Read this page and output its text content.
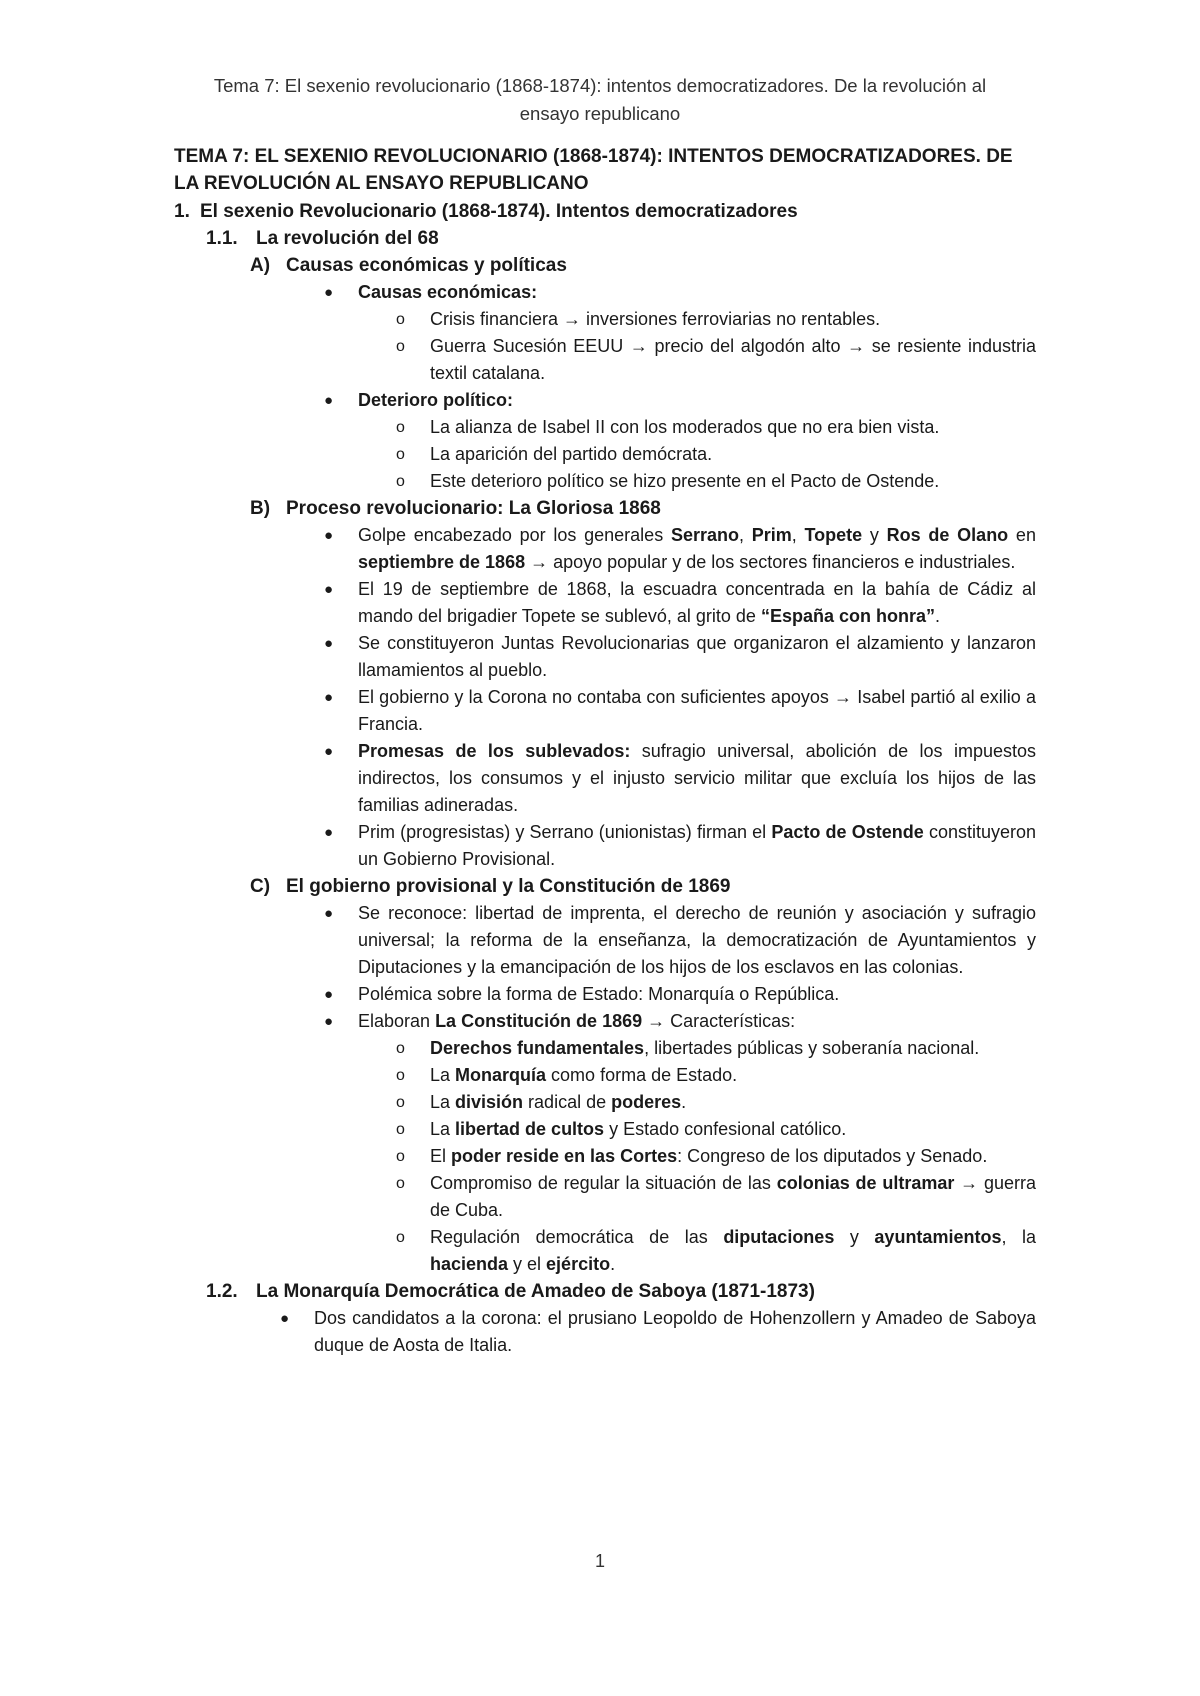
Tema 7: El sexenio revolucionario (1868-1874): intentos democratizadores. De la revolución al
ensayo republicano
TEMA 7: EL SEXENIO REVOLUCIONARIO (1868-1874): INTENTOS DEMOCRATIZADORES. DE LA REVOLUCIÓN AL ENSAYO REPUBLICANO
1. El sexenio Revolucionario (1868-1874). Intentos democratizadores
1.1. La revolución del 68
A) Causas económicas y políticas
●	Causas económicas:
o	Crisis financiera → inversiones ferroviarias no rentables.
o	Guerra Sucesión EEUU → precio del algodón alto → se resiente industria textil catalana.
●	Deterioro político:
o	La alianza de Isabel II con los moderados que no era bien vista.
o	La aparición del partido demócrata.
o	Este deterioro político se hizo presente en el Pacto de Ostende.
B) Proceso revolucionario: La Gloriosa 1868
●	Golpe encabezado por los generales Serrano, Prim, Topete y Ros de Olano en septiembre de 1868 → apoyo popular y de los sectores financieros e industriales.
●	El 19 de septiembre de 1868, la escuadra concentrada en la bahía de Cádiz al mando del brigadier Topete se sublevó, al grito de “España con honra”.
●	Se constituyeron Juntas Revolucionarias que organizaron el alzamiento y lanzaron llamamientos al pueblo.
●	El gobierno y la Corona no contaba con suficientes apoyos → Isabel partió al exilio a Francia.
●	Promesas de los sublevados: sufragio universal, abolición de los impuestos indirectos, los consumos y el injusto servicio militar que excluía los hijos de las familias adineradas.
●	Prim (progresistas) y Serrano (unionistas) firman el Pacto de Ostende constituyeron un Gobierno Provisional.
C) El gobierno provisional y la Constitución de 1869
●	Se reconoce: libertad de imprenta, el derecho de reunión y asociación y sufragio universal; la reforma de la enseñanza, la democratización de Ayuntamientos y Diputaciones y la emancipación de los hijos de los esclavos en las colonias.
●	Polémica sobre la forma de Estado: Monarquía o República.
●	Elaboran La Constitución de 1869 → Características:
o	Derechos fundamentales, libertades públicas y soberanía nacional.
o	La Monarquía como forma de Estado.
o	La división radical de poderes.
o	La libertad de cultos y Estado confesional católico.
o	El poder reside en las Cortes: Congreso de los diputados y Senado.
o	Compromiso de regular la situación de las colonias de ultramar → guerra de Cuba.
o	Regulación democrática de las diputaciones y ayuntamientos, la hacienda y el ejército.
1.2. La Monarquía Democrática de Amadeo de Saboya (1871-1873)
●	Dos candidatos a la corona: el prusiano Leopoldo de Hohenzollern y Amadeo de Saboya duque de Aosta de Italia.
1
